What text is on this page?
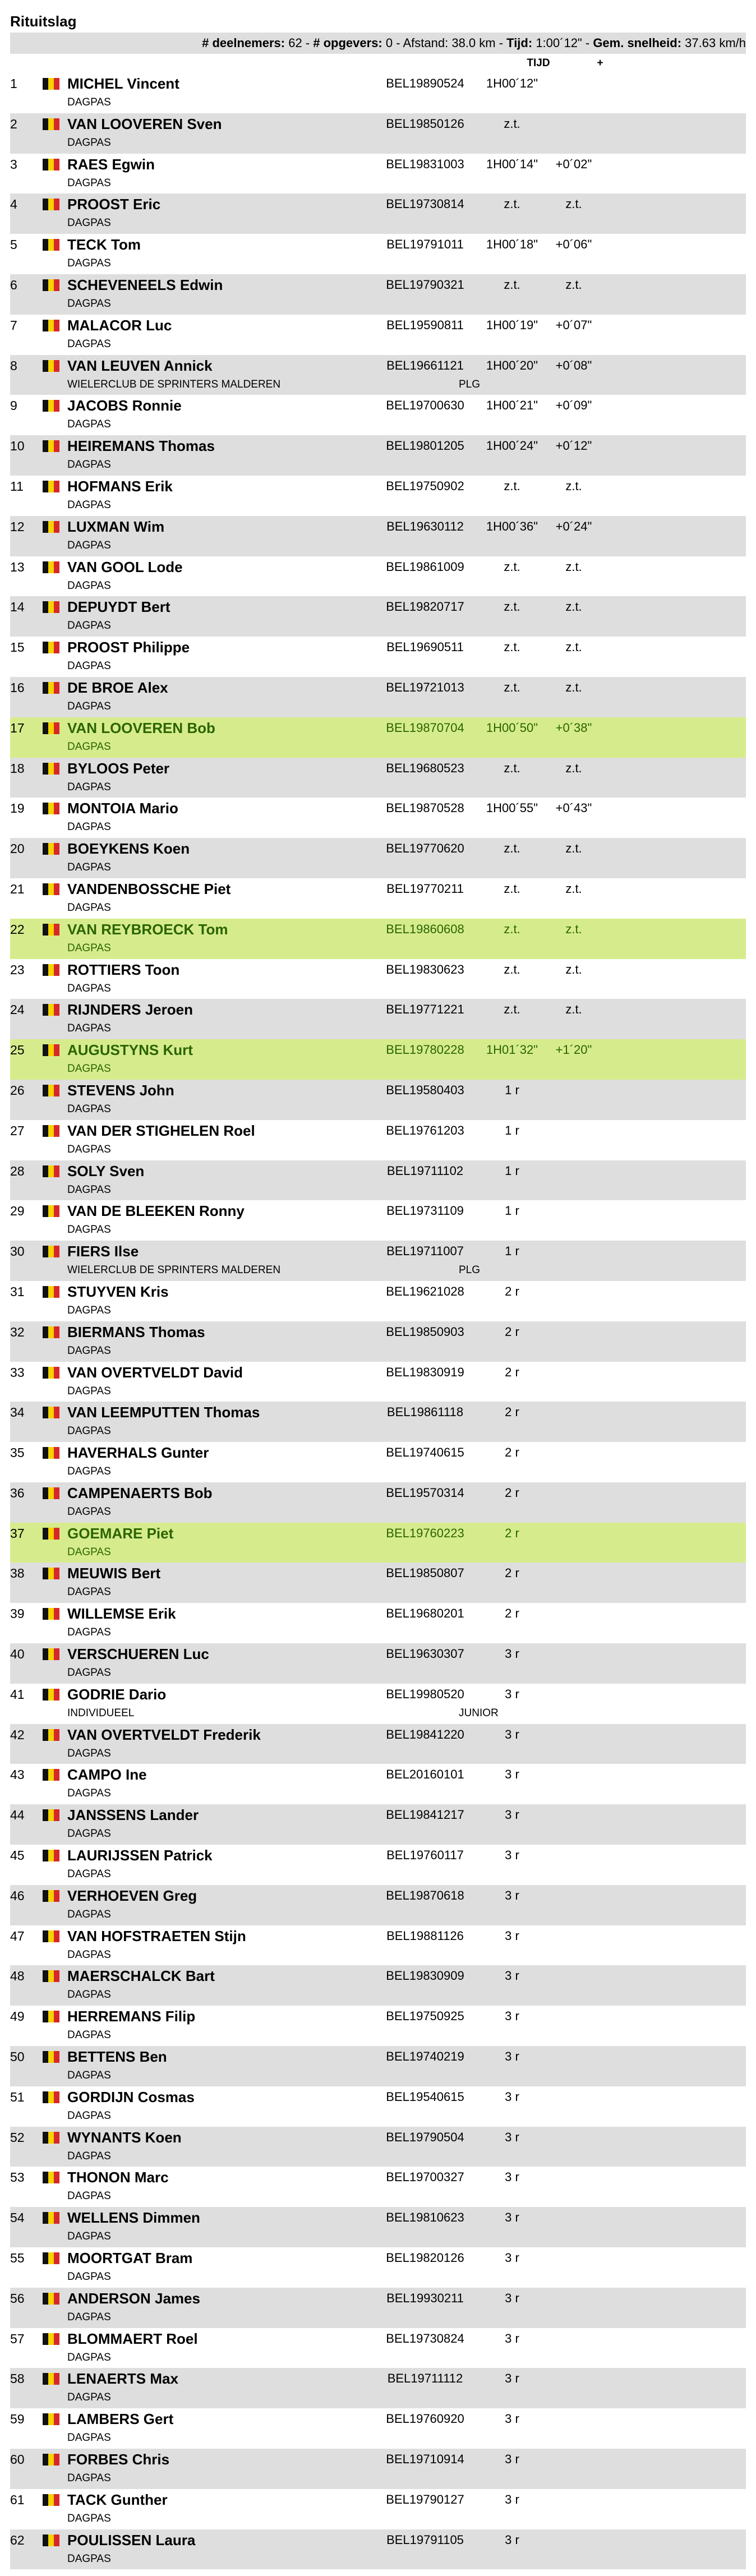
Rituitslag
# deelnemers: 62 - # opgevers: 0 - Afstand: 38.0 km - Tijd: 1:00´12" - Gem. snelheid: 37.63 km/h
TIJD	+
1	MICHEL Vincent
DAGPAS
BEL19890524	1H00´12"
2	VAN LOOVEREN Sven
DAGPAS
BEL19850126	z.t.
3	RAES Egwin
DAGPAS
BEL19831003	1H00´14"	+0´02"
4	PROOST Eric
DAGPAS
BEL19730814	z.t.	z.t.
5	TECK Tom
DAGPAS
BEL19791011	1H00´18"	+0´06"
6	SCHEVENEELS Edwin
DAGPAS
BEL19790321	z.t.	z.t.
7	MALACOR Luc
DAGPAS
BEL19590811	1H00´19"	+0´07"
8	VAN LEUVEN Annick
WIELERCLUB DE SPRINTERS MALDEREN	PLG
BEL19661121	1H00´20"	+0´08"
9	JACOBS Ronnie
DAGPAS
BEL19700630	1H00´21"	+0´09"
10	HEIREMANS Thomas
DAGPAS
BEL19801205	1H00´24"	+0´12"
11	HOFMANS Erik
DAGPAS
BEL19750902	z.t.	z.t.
12	LUXMAN Wim
DAGPAS
BEL19630112	1H00´36"	+0´24"
13	VAN GOOL Lode
DAGPAS
BEL19861009	z.t.	z.t.
14	DEPUYDT Bert
DAGPAS
BEL19820717	z.t.	z.t.
15	PROOST Philippe
DAGPAS
BEL19690511	z.t.	z.t.
16	DE BROE Alex
DAGPAS
BEL19721013	z.t.	z.t.
17	VAN LOOVEREN Bob
DAGPAS
BEL19870704	1H00´50"	+0´38"
18	BYLOOS Peter
DAGPAS
BEL19680523	z.t.	z.t.
19	MONTOIA Mario
DAGPAS
BEL19870528	1H00´55"	+0´43"
20	BOEYKENS Koen
DAGPAS
BEL19770620	z.t.	z.t.
21	VANDENBOSSCHE Piet
DAGPAS
BEL19770211	z.t.	z.t.
22	VAN REYBROECK Tom
DAGPAS
BEL19860608	z.t.	z.t.
23	ROTTIERS Toon
DAGPAS
BEL19830623	z.t.	z.t.
24	RIJNDERS Jeroen
DAGPAS
BEL19771221	z.t.	z.t.
25	AUGUSTYNS Kurt
DAGPAS
BEL19780228	1H01´32"	+1´20"
26	STEVENS John
DAGPAS
BEL19580403	1 r
27	VAN DER STIGHELEN Roel
DAGPAS
BEL19761203	1 r
28	SOLY Sven
DAGPAS
BEL19711102	1 r
29	VAN DE BLEEKEN Ronny
DAGPAS
BEL19731109	1 r
30	FIERS Ilse
WIELERCLUB DE SPRINTERS MALDEREN	PLG
BEL19711007	1 r
31	STUYVEN Kris
DAGPAS
BEL19621028	2 r
32	BIERMANS Thomas
DAGPAS
BEL19850903	2 r
33	VAN OVERTVELDT David
DAGPAS
BEL19830919	2 r
34	VAN LEEMPUTTEN Thomas
DAGPAS
BEL19861118	2 r
35	HAVERHALS Gunter
DAGPAS
BEL19740615	2 r
36	CAMPENAERTS Bob
DAGPAS
BEL19570314	2 r
37	GOEMARE Piet
DAGPAS
BEL19760223	2 r
38	MEUWIS Bert
DAGPAS
BEL19850807	2 r
39	WILLEMSE Erik
DAGPAS
BEL19680201	2 r
40	VERSCHUEREN Luc
DAGPAS
BEL19630307	3 r
41	GODRIE Dario
INDIVIDUEEL	JUNIOR
BEL19980520	3 r
42	VAN OVERTVELDT Frederik
DAGPAS
BEL19841220	3 r
43	CAMPO Ine
DAGPAS
BEL20160101	3 r
44	JANSSENS Lander
DAGPAS
BEL19841217	3 r
45	LAURIJSSEN Patrick
DAGPAS
BEL19760117	3 r
46	VERHOEVEN Greg
DAGPAS
BEL19870618	3 r
47	VAN HOFSTRAETEN Stijn
DAGPAS
BEL19881126	3 r
48	MAERSCHALCK Bart
DAGPAS
BEL19830909	3 r
49	HERREMANS Filip
DAGPAS
BEL19750925	3 r
50	BETTENS Ben
DAGPAS
BEL19740219	3 r
51	GORDIJN Cosmas
DAGPAS
BEL19540615	3 r
52	WYNANTS Koen
DAGPAS
BEL19790504	3 r
53	THONON Marc
DAGPAS
BEL19700327	3 r
54	WELLENS Dimmen
DAGPAS
BEL19810623	3 r
55	MOORTGAT Bram
DAGPAS
BEL19820126	3 r
56	ANDERSON James
DAGPAS
BEL19930211	3 r
57	BLOMMAERT Roel
DAGPAS
BEL19730824	3 r
58	LENAERTS Max
DAGPAS
BEL19711112	3 r
59	LAMBERS Gert
DAGPAS
BEL19760920	3 r
60	FORBES Chris
DAGPAS
BEL19710914	3 r
61	TACK Gunther
DAGPAS
BEL19790127	3 r
62	POULISSEN Laura
DAGPAS
BEL19791105	3 r
